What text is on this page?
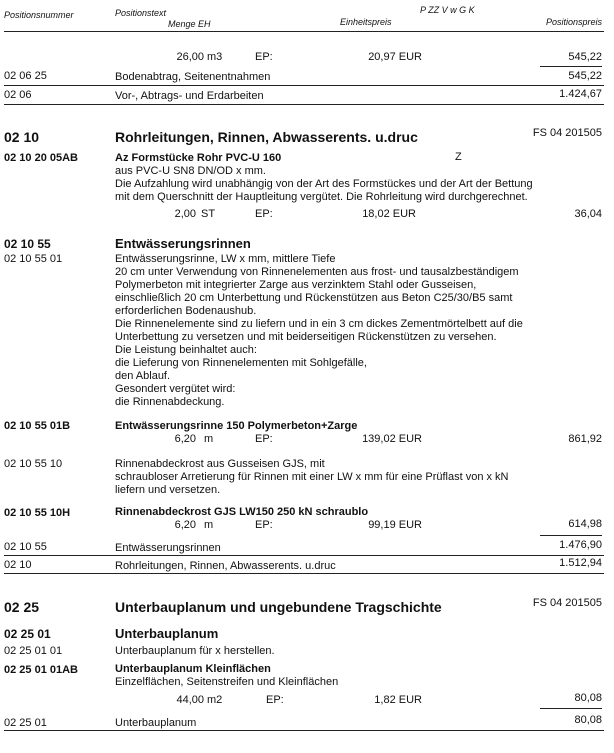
Positionsnummer	Positionstext
Menge EH	Einheitspreis
P ZZ V w G K
Positionspreis
26,00 m3	EP:	20,97 EUR	545,22
02 06 25	Bodenabtrag, Seitenentnahmen	545,22
02 06	Vor-, Abtrags- und Erdarbeiten	1.424,67
02 10	Rohrleitungen, Rinnen, Abwasserents. u.druc	FS 04 201505
02 10 20 05AB	Az Formstücke Rohr PVC-U 160	Z
aus PVC-U SN8 DN/OD x mm.
Die Aufzahlung wird unabhängig von der Art des Formstückes und der Art der Bettung
mit dem Querschnitt der Hauptleitung vergütet. Die Rohrleitung wird durchgerechnet.
2,00 ST	EP:	18,02 EUR	36,04
02 10 55	Entwässerungsrinnen
02 10 55 01	Entwässerungsrinne, LW x mm, mittlere Tiefe
20 cm unter Verwendung von Rinnenelementen aus frost- und tausalzbeständigem
Polymerbeton mit integrierter Zarge aus verzinktem Stahl oder Gusseisen,
einschließlich 20 cm Unterbettung und Rückenstützen aus Beton C25/30/B5 samt
erforderlichen Bodenaushub.
Die Rinnenelemente sind zu liefern und in ein 3 cm dickes Zementmörtelbett auf die
Unterbettung zu versetzen und mit beiderseitigen Rückenstützen zu versehen.
Die Leistung beinhaltet auch:
die Lieferung von Rinnenelementen mit Sohlgefälle,
den Ablauf.
Gesondert vergütet wird:
die Rinnenabdeckung.
02 10 55 01B	Entwässerungsrinne 150 Polymerbeton+Zarge
6,20 m	EP:	139,02 EUR	861,92
02 10 55 10	Rinnenabdeckrost aus Gusseisen GJS, mit
schraubloser Arretierung für Rinnen mit einer LW x mm für eine Prüflast von x kN
liefern und versetzen.
02 10 55 10H	Rinnenabdeckrost GJS LW150 250 kN schraublo
6,20 m	EP:	99,19 EUR	614,98
02 10 55	Entwässerungsrinnen	1.476,90
02 10	Rohrleitungen, Rinnen, Abwasserents. u.druc	1.512,94
02 25	Unterbauplanum und ungebundene Tragschichte	FS 04 201505
02 25 01	Unterbauplanum
02 25 01 01	Unterbauplanum für x herstellen.
02 25 01 01AB	Unterbauplanum Kleinflächen
Einzelflächen, Seitenstreifen und Kleinflächen
44,00 m2	EP:	1,82 EUR	80,08
02 25 01	Unterbauplanum	80,08
